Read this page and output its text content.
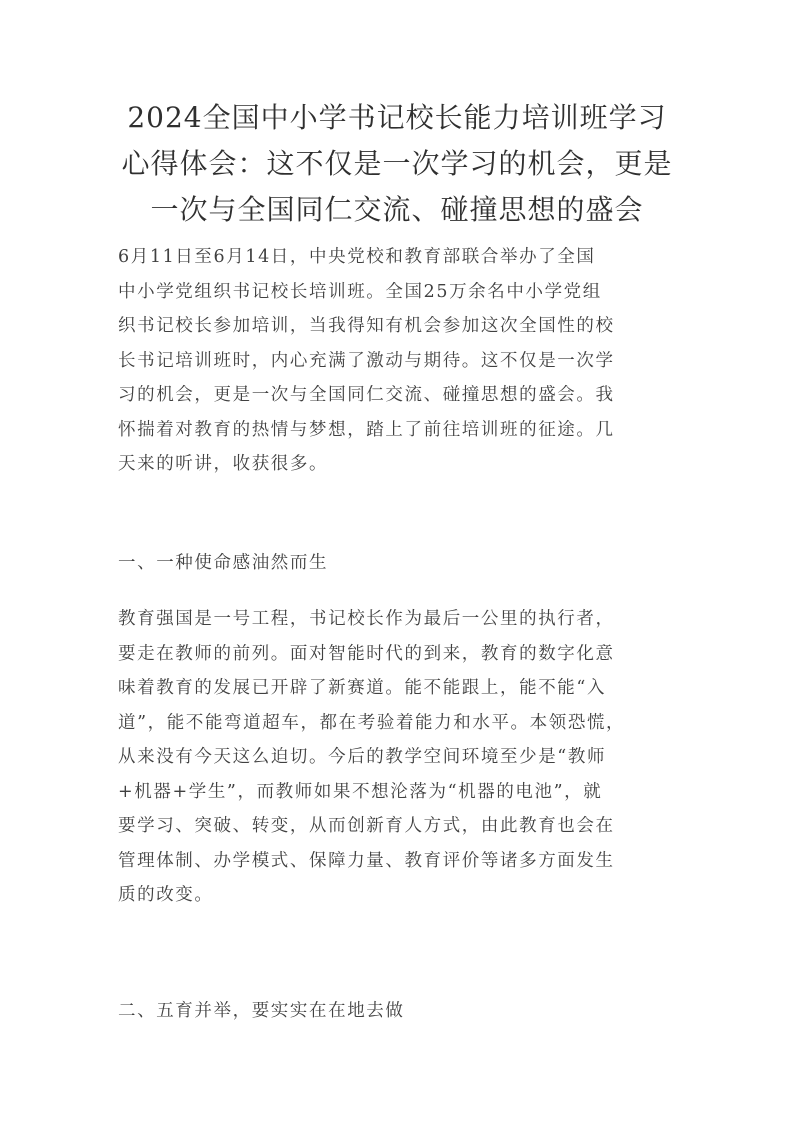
2024全国中小学书记校长能力培训班学习
心得体会：这不仅是一次学习的机会，更是
一次与全国同仁交流、碰撞思想的盛会

6月11日至6月14日，中央党校和教育部联合举办了全国
中小学党组织书记校长培训班。全国25万余名中小学党组
织书记校长参加培训，当我得知有机会参加这次全国性的校
长书记培训班时，内心充满了激动与期待。这不仅是一次学
习的机会，更是一次与全国同仁交流、碰撞思想的盛会。我
怀揣着对教育的热情与梦想，踏上了前往培训班的征途。几
天来的听讲，收获很多。

一、一种使命感油然而生

教育强国是一号工程，书记校长作为最后一公里的执行者，
要走在教师的前列。面对智能时代的到来，教育的数字化意
味着教育的发展已开辟了新赛道。能不能跟上，能不能“入
道”，能不能弯道超车，都在考验着能力和水平。本领恐慌，
从来没有今天这么迫切。今后的教学空间环境至少是“教师
+机器+学生”，而教师如果不想沦落为“机器的电池”，就
要学习、突破、转变，从而创新育人方式，由此教育也会在
管理体制、办学模式、保障力量、教育评价等诸多方面发生
质的改变。

二、五育并举，要实实在在地去做
